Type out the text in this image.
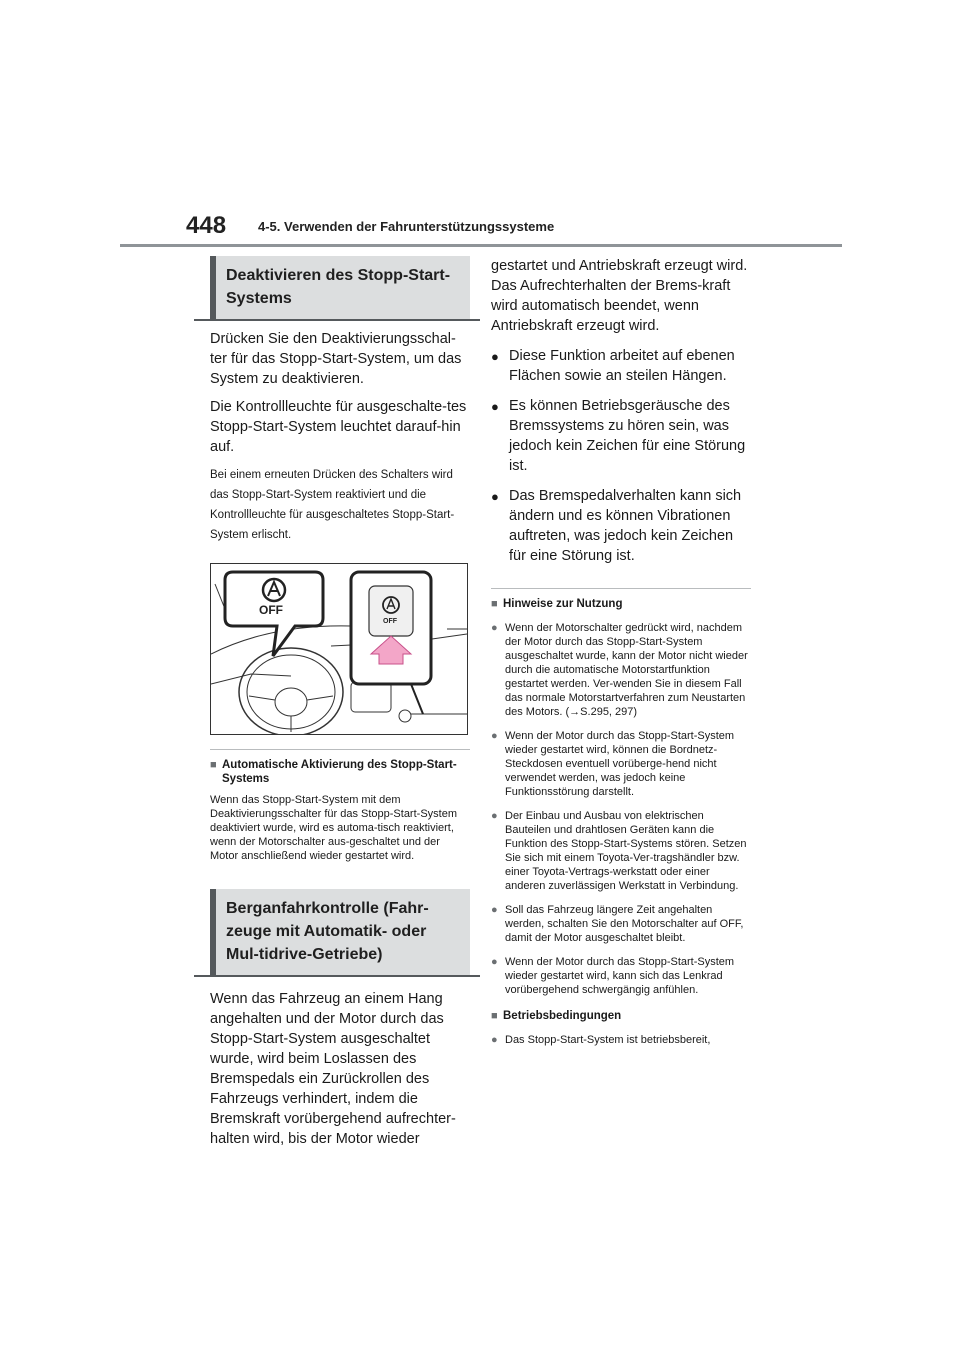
448 4-5. Verwenden der Fahrunterstützungssysteme
Deaktivieren des Stopp-Start-Systems

Drücken Sie den Deaktivierungsschal-ter für das Stopp-Start-System, um das System zu deaktivieren.

Die Kontrollleuchte für ausgeschalte-tes Stopp-Start-System leuchtet darauf-hin auf.

Bei einem erneuten Drücken des Schalters wird das Stopp-Start-System reaktiviert und die Kontrollleuchte für ausgeschaltetes Stopp-Start-System erlischt.

OFF
OFF
■ Automatische Aktivierung des Stopp-Start-Systems
Wenn das Stopp-Start-System mit dem Deaktivierungsschalter für das Stopp-Start-System deaktiviert wurde, wird es automa-tisch reaktiviert, wenn der Motorschalter aus-geschaltet und der Motor anschließend wieder gestartet wird.
Berganfahrkontrolle (Fahr-zeuge mit Automatik- oder Mul-tidrive-Getriebe)

Wenn das Fahrzeug an einem Hang angehalten und der Motor durch das Stopp-Start-System ausgeschaltet wurde, wird beim Loslassen des Bremspedals ein Zurückrollen des Fahrzeugs verhindert, indem die Bremskraft vorübergehend aufrechter-halten wird, bis der Motor wieder

gestartet und Antriebskraft erzeugt wird. Das Aufrechterhalten der Brems-kraft wird automatisch beendet, wenn Antriebskraft erzeugt wird.

● Diese Funktion arbeitet auf ebenen Flächen sowie an steilen Hängen.
● Es können Betriebsgeräusche des Bremssystems zu hören sein, was jedoch kein Zeichen für eine Störung ist.
● Das Bremspedalverhalten kann sich ändern und es können Vibrationen auftreten, was jedoch kein Zeichen für eine Störung ist.
■ Hinweise zur Nutzung
● Wenn der Motorschalter gedrückt wird, nachdem der Motor durch das Stopp-Start-System ausgeschaltet wurde, kann der Motor nicht wieder durch die automatische Motorstartfunktion gestartet werden. Ver-wenden Sie in diesem Fall das normale Motorstartverfahren zum Neustarten des Motors. (→S.295, 297)
● Wenn der Motor durch das Stopp-Start-System wieder gestartet wird, können die Bordnetz-Steckdosen eventuell vorüberge-hend nicht verwendet werden, was jedoch keine Funktionsstörung darstellt.
● Der Einbau und Ausbau von elektrischen Bauteilen und drahtlosen Geräten kann die Funktion des Stopp-Start-Systems stören. Setzen Sie sich mit einem Toyota-Ver-tragshändler bzw. einer Toyota-Vertrags-werkstatt oder einer anderen zuverlässigen Werkstatt in Verbindung.
● Soll das Fahrzeug längere Zeit angehalten werden, schalten Sie den Motorschalter auf OFF, damit der Motor ausgeschaltet bleibt.
● Wenn der Motor durch das Stopp-Start-System wieder gestartet wird, kann sich das Lenkrad vorübergehend schwergängig anfühlen.
■ Betriebsbedingungen
● Das Stopp-Start-System ist betriebsbereit,
